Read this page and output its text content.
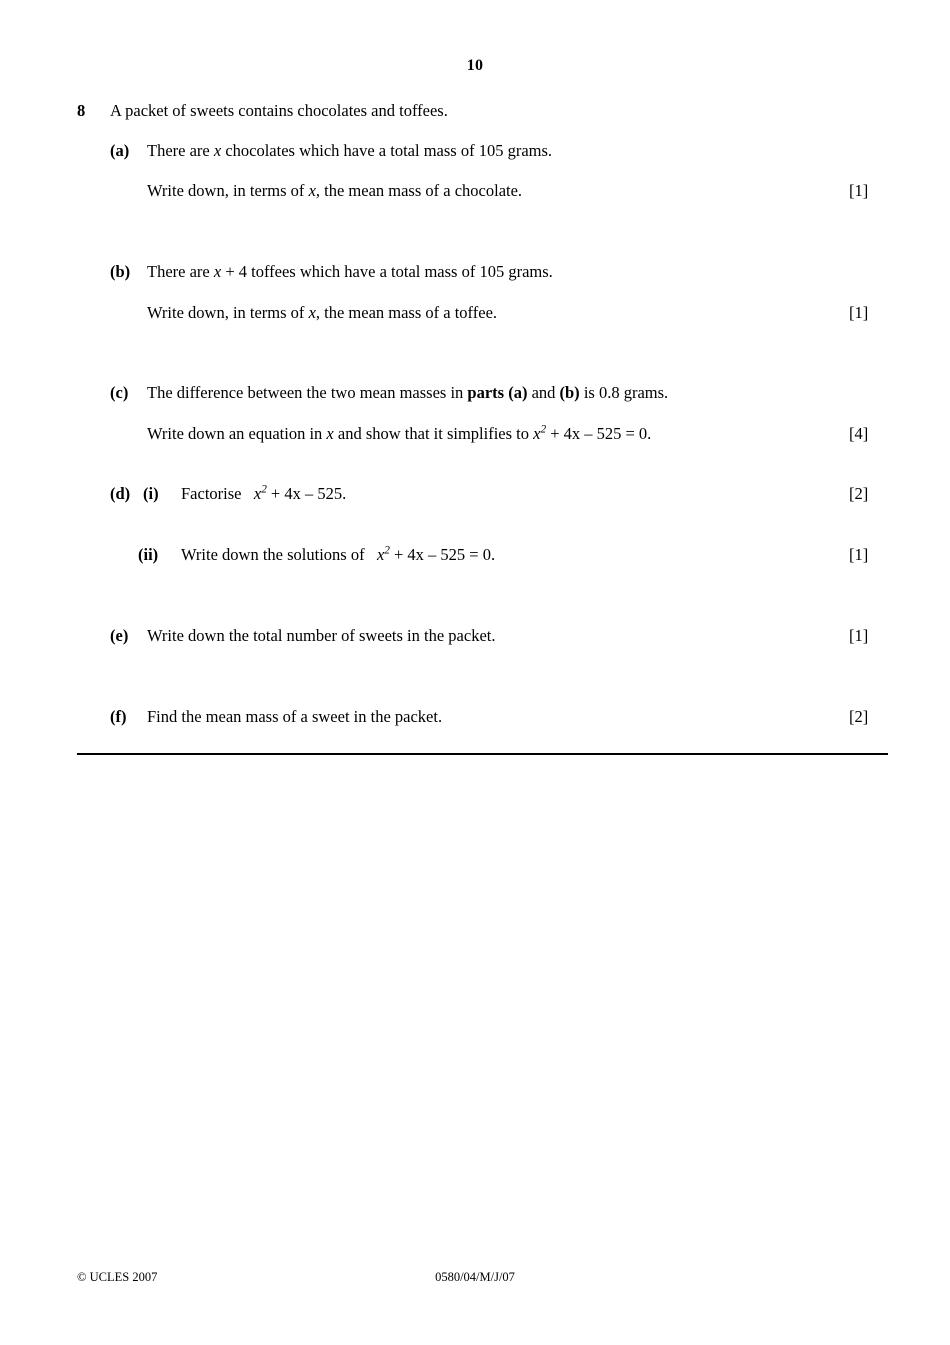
10
8 A packet of sweets contains chocolates and toffees.
(a) There are x chocolates which have a total mass of 105 grams.
Write down, in terms of x, the mean mass of a chocolate.	[1]
(b) There are x + 4 toffees which have a total mass of 105 grams.
Write down, in terms of x, the mean mass of a toffee.	[1]
(c) The difference between the two mean masses in parts (a) and (b) is 0.8 grams.
Write down an equation in x and show that it simplifies to $x^2 + 4x - 525 = 0$.	[4]
(d) (i) Factorise $x^2 + 4x - 525$.	[2]
(ii) Write down the solutions of $x^2 + 4x - 525 = 0$.	[1]
(e) Write down the total number of sweets in the packet.	[1]
(f) Find the mean mass of a sweet in the packet.	[2]
© UCLES 2007	0580/04/M/J/07
